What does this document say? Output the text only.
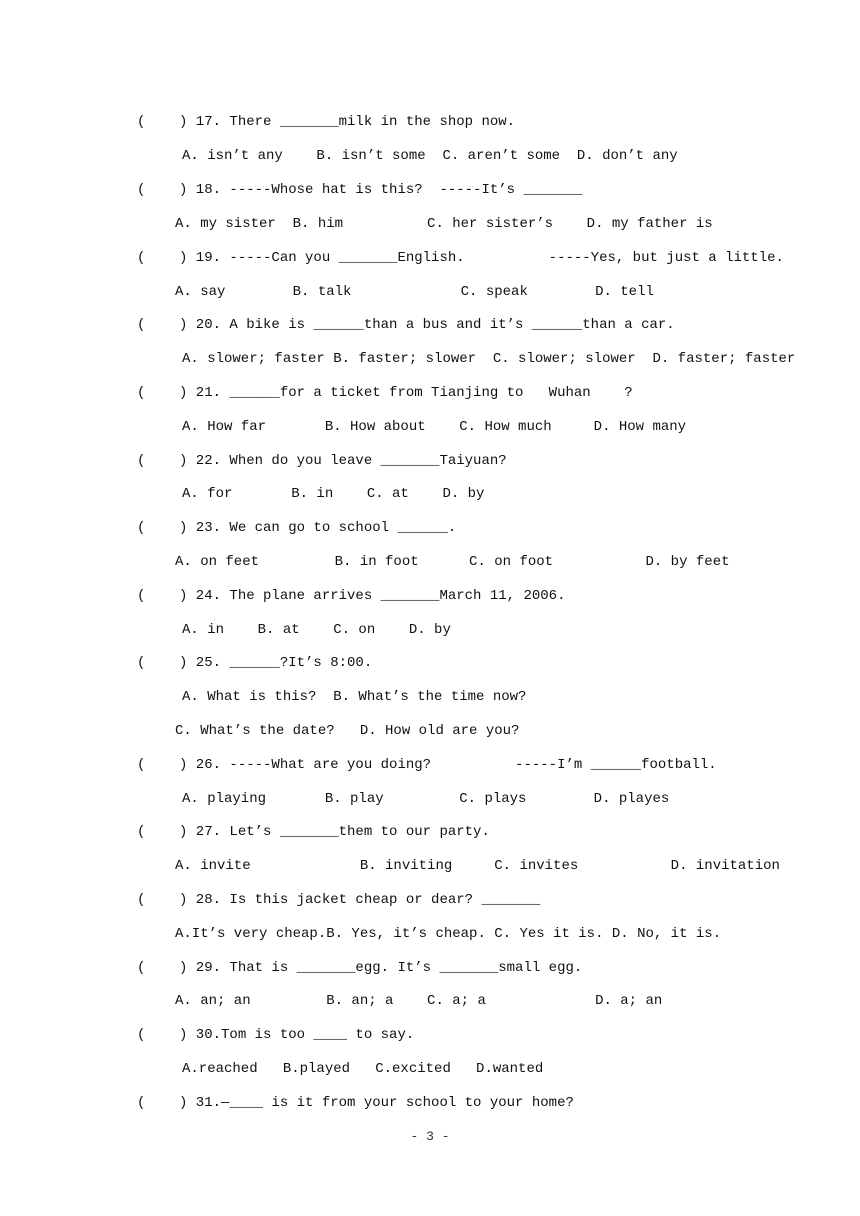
(    ) 17. There _______milk in the shop now.
A. isn’t any    B. isn’t some  C. aren’t some  D. don’t any
(    ) 18. -----Whose hat is this?  -----It’s _______
A. my sister  B. him          C. her sister’s    D. my father is
(    ) 19. -----Can you _______English.          -----Yes, but just a little.
A. say        B. talk             C. speak        D. tell
(    ) 20. A bike is ______than a bus and it’s ______than a car.
A. slower; faster B. faster; slower  C. slower; slower  D. faster; faster
(    ) 21. ______for a ticket from Tianjing to   Wuhan    ?
A. How far       B. How about    C. How much     D. How many
(    ) 22. When do you leave _______Taiyuan?
A. for       B. in    C. at    D. by
(    ) 23. We can go to school ______.
A. on feet         B. in foot      C. on foot           D. by feet
(    ) 24. The plane arrives _______March 11, 2006.
A. in    B. at    C. on    D. by
(    ) 25. ______?It’s 8:00.
A. What is this?  B. What’s the time now?
C. What’s the date?   D. How old are you?
(    ) 26. -----What are you doing?          -----I’m ______football.
A. playing       B. play         C. plays        D. playes
(    ) 27. Let’s _______them to our party.
A. invite             B. inviting     C. invites           D. invitation
(    ) 28. Is this jacket cheap or dear? _______
A.It’s very cheap.B. Yes, it’s cheap. C. Yes it is. D. No, it is.
(    ) 29. That is _______egg. It’s _______small egg.
A. an; an         B. an; a    C. a; a             D. a; an
(    ) 30.Tom is too ____ to say.
A.reached   B.played   C.excited   D.wanted
(    ) 31.—____ is it from your school to your home?
- 3 -
